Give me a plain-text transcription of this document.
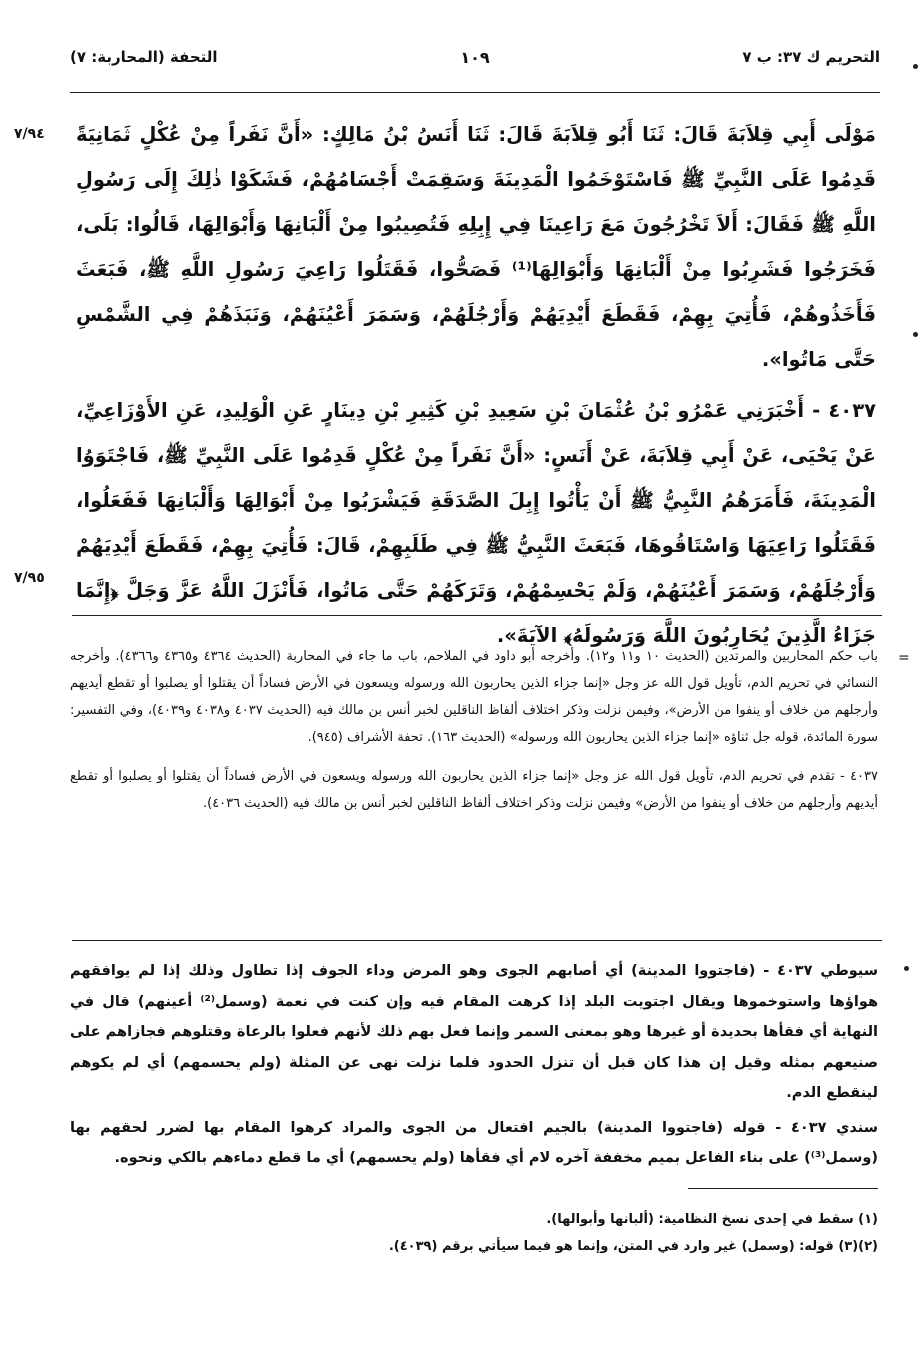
التحريم ك ٣٧: ب ٧
١٠٩
التحفة (المحاربة: ٧)
٧/٩٤
٧/٩٥
=

مَوْلَى أَبِي قِلاَبَةَ قَالَ: ثَنَا أَبُو قِلاَبَةَ قَالَ: ثَنَا أَنَسُ بْنُ مَالِكٍ: «أَنَّ نَفَراً مِنْ عُكْلٍ ثَمَانِيَةً قَدِمُوا عَلَى النَّبِيِّ ﷺ فَاسْتَوْخَمُوا الْمَدِينَةَ وَسَقِمَتْ أَجْسَامُهُمْ، فَشَكَوْا ذٰلِكَ إِلَى رَسُولِ اللَّهِ ﷺ فَقَالَ: أَلاَ تَخْرُجُونَ مَعَ رَاعِينَا فِي إِبِلِهِ فَتُصِيبُوا مِنْ أَلْبَانِهَا وَأَبْوَالِهَا، قَالُوا: بَلَى، فَخَرَجُوا فَشَرِبُوا مِنْ أَلْبَانِهَا وَأَبْوَالِهَا⁽¹⁾ فَصَحُّوا، فَقَتَلُوا رَاعِيَ رَسُولِ اللَّهِ ﷺ، فَبَعَثَ فَأَخَذُوهُمْ، فَأُتِيَ بِهِمْ، فَقَطَعَ أَيْدِيَهُمْ وَأَرْجُلَهُمْ، وَسَمَرَ أَعْيُنَهُمْ، وَنَبَذَهُمْ فِي الشَّمْسِ حَتَّى مَاتُوا».

٤٠٣٧ - أَخْبَرَنِي عَمْرُو بْنُ عُثْمَانَ بْنِ سَعِيدِ بْنِ كَثِيرِ بْنِ دِينَارٍ عَنِ الْوَلِيدِ، عَنِ الأَوْزَاعِيِّ، عَنْ يَحْيَى، عَنْ أَبِي قِلاَبَةَ، عَنْ أَنَسٍ: «أَنَّ نَفَراً مِنْ عُكْلٍ قَدِمُوا عَلَى النَّبِيِّ ﷺ، فَاجْتَوَوُا الْمَدِينَةَ، فَأَمَرَهُمُ النَّبِيُّ ﷺ أَنْ يَأْتُوا إِبِلَ الصَّدَقَةِ فَيَشْرَبُوا مِنْ أَبْوَالِهَا وَأَلْبَانِهَا فَفَعَلُوا، فَقَتَلُوا رَاعِيَهَا وَاسْتَاقُوهَا، فَبَعَثَ النَّبِيُّ ﷺ فِي طَلَبِهِمْ، قَالَ: فَأُتِيَ بِهِمْ، فَقَطَعَ أَيْدِيَهُمْ وَأَرْجُلَهُمْ، وَسَمَرَ أَعْيُنَهُمْ، وَلَمْ يَحْسِمْهُمْ، وَتَرَكَهُمْ حَتَّى مَاتُوا، فَأَنْزَلَ اللَّهُ عَزَّ وَجَلَّ ﴿إِنَّمَا جَزَاءُ الَّذِينَ يُحَارِبُونَ اللَّهَ وَرَسُولَهُ﴾ الآيَةَ».

باب حكم المحاربين والمرتدين (الحديث ١٠ و١١ و١٢). وأخرجه أبو داود في الملاحم، باب ما جاء في المحاربة (الحديث ٤٣٦٤ و٤٣٦٥ و٤٣٦٦). وأخرجه النسائي في تحريم الدم، تأويل قول الله عز وجل «إنما جزاء الذين يحاربون الله ورسوله ويسعون في الأرض فساداً أن يقتلوا أو يصلبوا أو تقطع أيديهم وأرجلهم من خلاف أو ينفوا من الأرض»، وفيمن نزلت وذكر اختلاف ألفاظ الناقلين لخبر أنس بن مالك فيه (الحديث ٤٠٣٧ و٤٠٣٨ و٤٠٣٩)، وفي التفسير: سورة المائدة، قوله جل ثناؤه «إنما جزاء الذين يحاربون الله ورسوله» (الحديث ١٦٣). تحفة الأشراف (٩٤٥).

٤٠٣٧ - تقدم في تحريم الدم، تأويل قول الله عز وجل «إنما جزاء الذين يحاربون الله ورسوله ويسعون في الأرض فساداً أن يقتلوا أو يصلبوا أو تقطع أيديهم وأرجلهم من خلاف أو ينفوا من الأرض» وفيمن نزلت وذكر اختلاف ألفاظ الناقلين لخبر أنس بن مالك فيه (الحديث ٤٠٣٦).

سيوطي ٤٠٣٧ - (فاجتووا المدينة) أي أصابهم الجوى وهو المرض وداء الجوف إذا تطاول وذلك إذا لم يوافقهم هواؤها واستوخموها ويقال اجتويت البلد إذا كرهت المقام فيه وإن كنت في نعمة (وسمل⁽²⁾ أعينهم) قال في النهاية أي فقأها بحديدة أو غيرها وهو بمعنى السمر وإنما فعل بهم ذلك لأنهم فعلوا بالرعاة وقتلوهم فجازاهم على صنيعهم بمثله وقيل إن هذا كان قبل أن تنزل الحدود فلما نزلت نهى عن المثلة (ولم يحسمهم) أي لم يكوهم لينقطع الدم.

سندي ٤٠٣٧ - قوله (فاجتووا المدينة) بالجيم افتعال من الجوى والمراد كرهوا المقام بها لضرر لحقهم بها (وسمل⁽³⁾) على بناء الفاعل بميم مخففة آخره لام أي فقأها (ولم يحسمهم) أي ما قطع دماءهم بالكي ونحوه.

(١) سقط في إحدى نسخ النظامية: (ألبانها وأبوالها).

(٢)(٣) قوله: (وسمل) غير وارد في المتن، وإنما هو فيما سيأتي برقم (٤٠٣٩).
